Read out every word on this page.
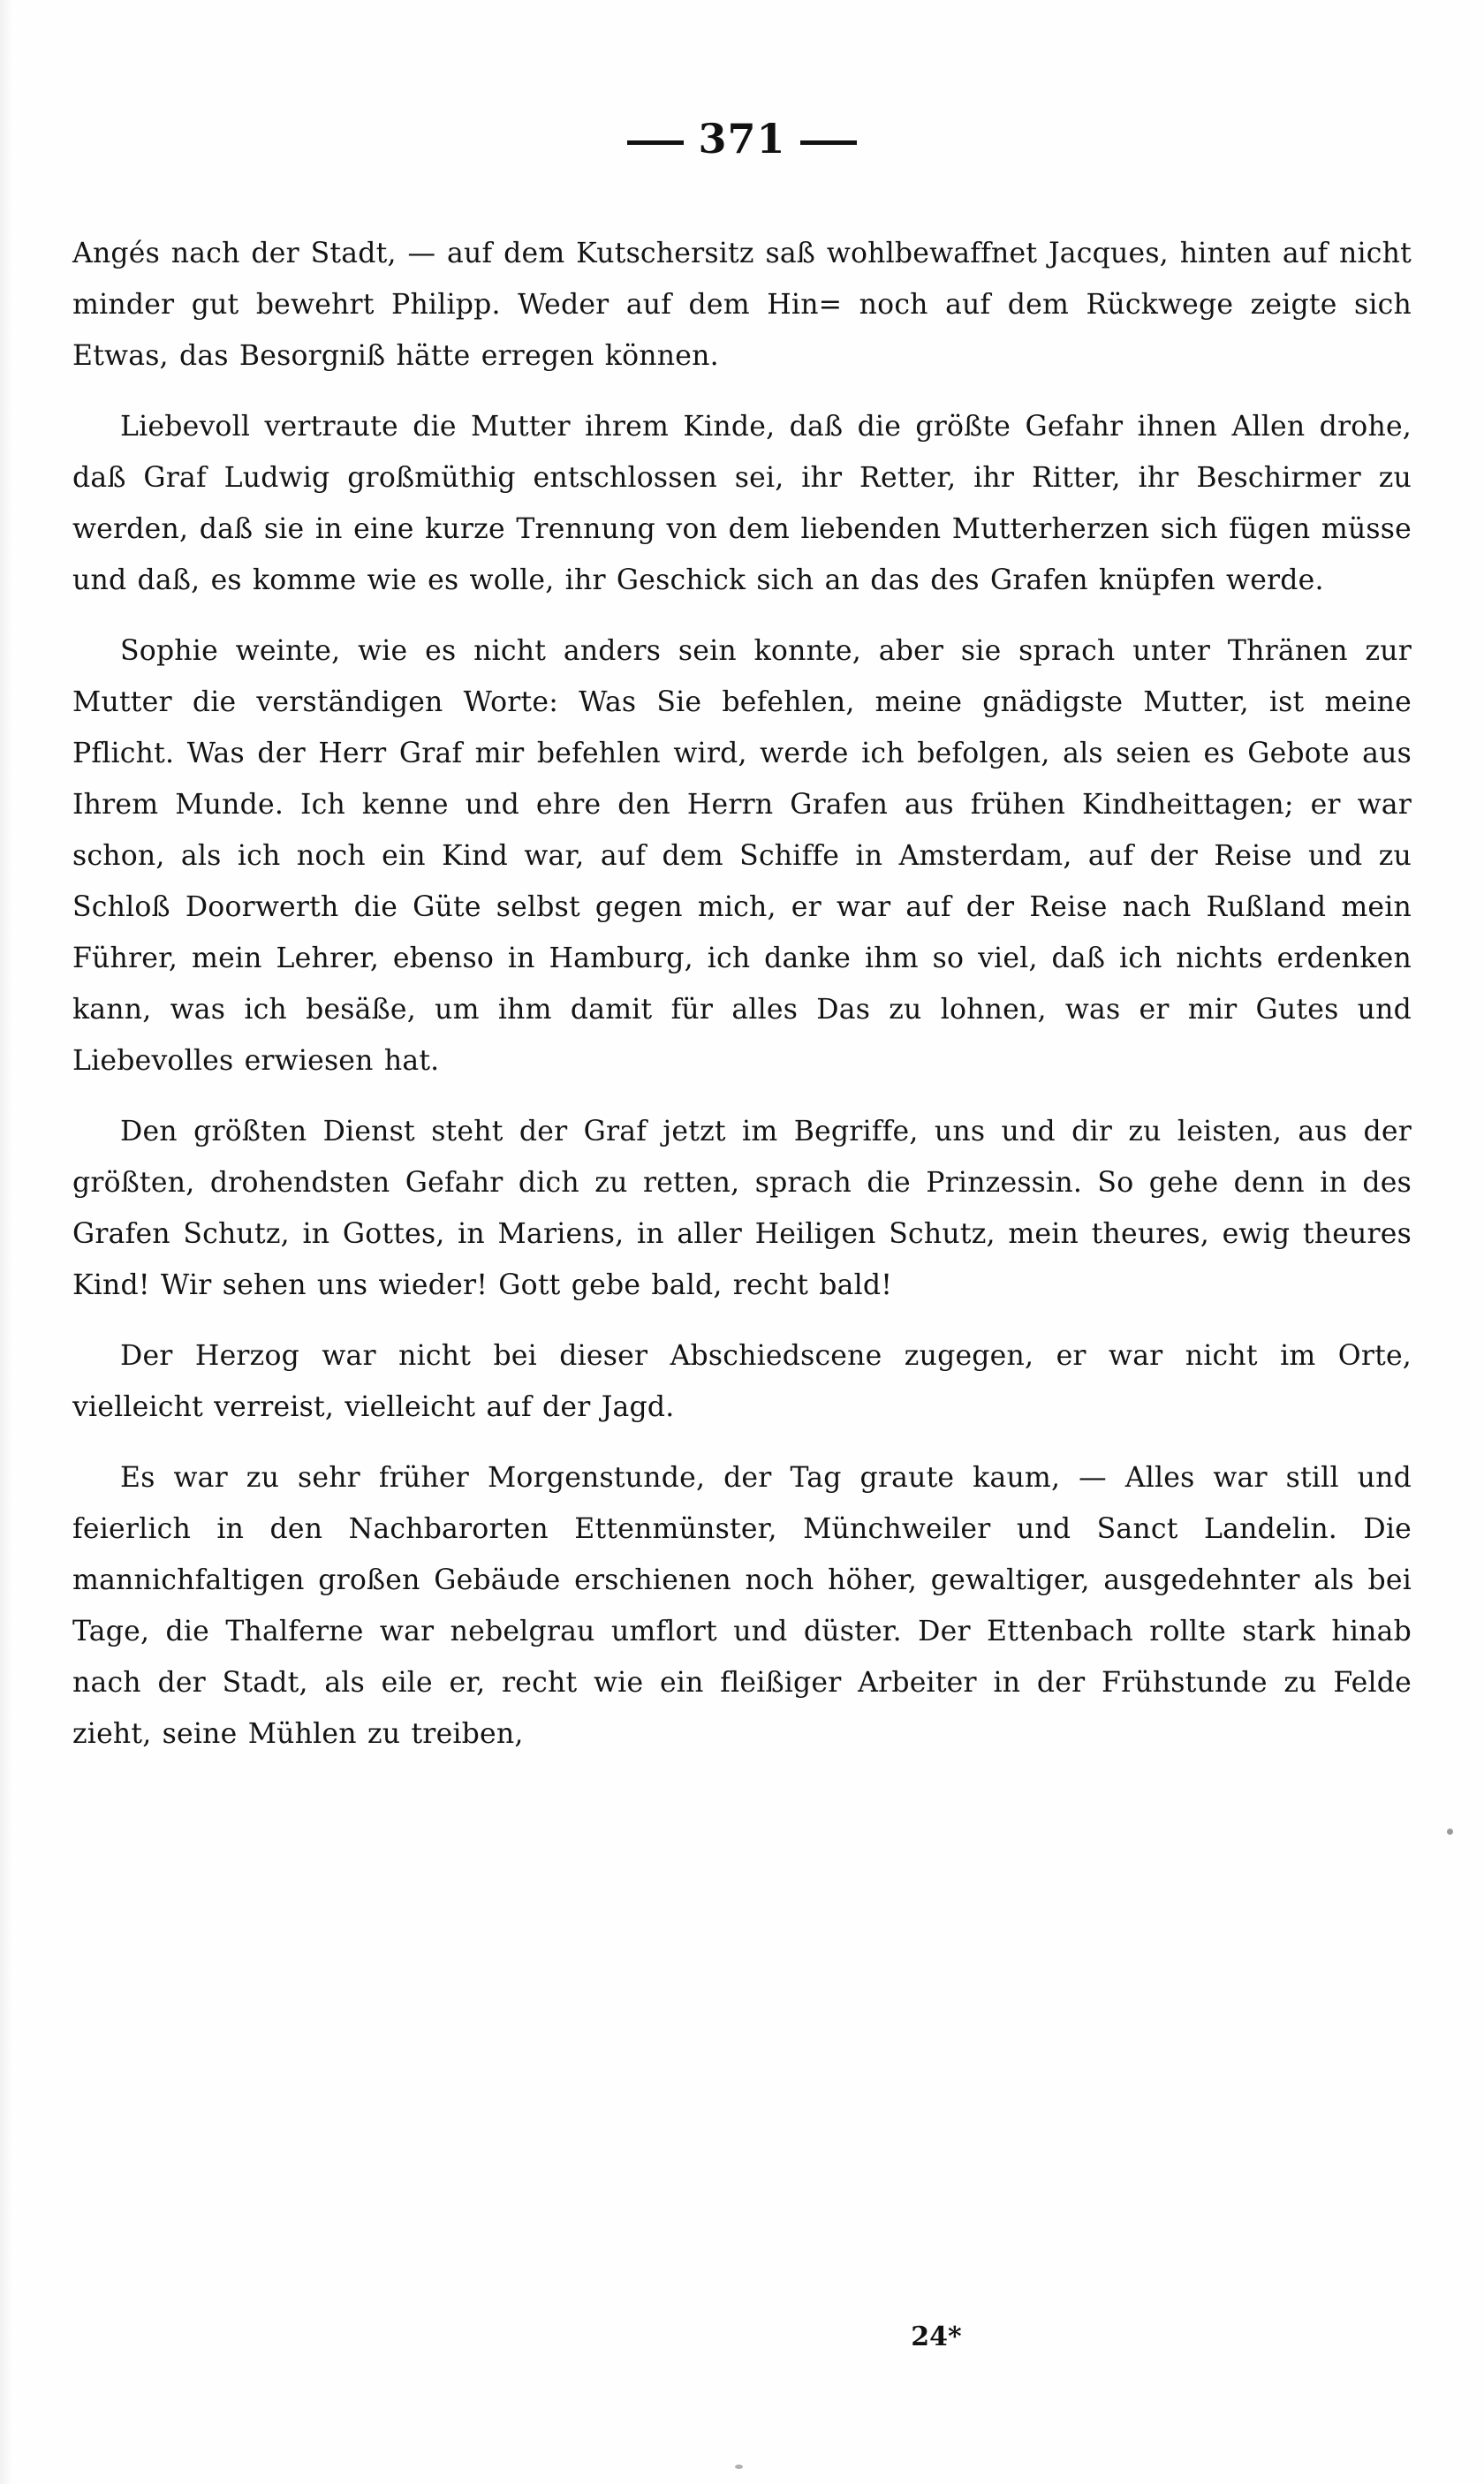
371

Angés nach der Stadt, — auf dem Kutschersitz saß wohlbewaffnet Jacques, hinten auf nicht minder gut bewehrt Philipp. Weder auf dem Hin= noch auf dem Rückwege zeigte sich Etwas, das Besorgniß hätte erregen können.

Liebevoll vertraute die Mutter ihrem Kinde, daß die größte Gefahr ihnen Allen drohe, daß Graf Ludwig großmüthig entschlossen sei, ihr Retter, ihr Ritter, ihr Beschirmer zu werden, daß sie in eine kurze Trennung von dem liebenden Mutterherzen sich fügen müsse und daß, es komme wie es wolle, ihr Geschick sich an das des Grafen knüpfen werde.

Sophie weinte, wie es nicht anders sein konnte, aber sie sprach unter Thränen zur Mutter die verständigen Worte: Was Sie befehlen, meine gnädigste Mutter, ist meine Pflicht. Was der Herr Graf mir befehlen wird, werde ich befolgen, als seien es Gebote aus Ihrem Munde. Ich kenne und ehre den Herrn Grafen aus frühen Kindheittagen; er war schon, als ich noch ein Kind war, auf dem Schiffe in Amsterdam, auf der Reise und zu Schloß Doorwerth die Güte selbst gegen mich, er war auf der Reise nach Rußland mein Führer, mein Lehrer, ebenso in Hamburg, ich danke ihm so viel, daß ich nichts erdenken kann, was ich besäße, um ihm damit für alles Das zu lohnen, was er mir Gutes und Liebevolles erwiesen hat.

Den größten Dienst steht der Graf jetzt im Begriffe, uns und dir zu leisten, aus der größten, drohendsten Gefahr dich zu retten, sprach die Prinzessin. So gehe denn in des Grafen Schutz, in Gottes, in Mariens, in aller Heiligen Schutz, mein theures, ewig theures Kind! Wir sehen uns wieder! Gott gebe bald, recht bald!

Der Herzog war nicht bei dieser Abschiedscene zugegen, er war nicht im Orte, vielleicht verreist, vielleicht auf der Jagd.

Es war zu sehr früher Morgenstunde, der Tag graute kaum, — Alles war still und feierlich in den Nachbarorten Ettenmünster, Münchweiler und Sanct Landelin. Die mannichfaltigen großen Gebäude erschienen noch höher, gewaltiger, ausgedehnter als bei Tage, die Thalferne war nebelgrau umflort und düster. Der Ettenbach rollte stark hinab nach der Stadt, als eile er, recht wie ein fleißiger Arbeiter in der Frühstunde zu Felde zieht, seine Mühlen zu treiben,

24*
